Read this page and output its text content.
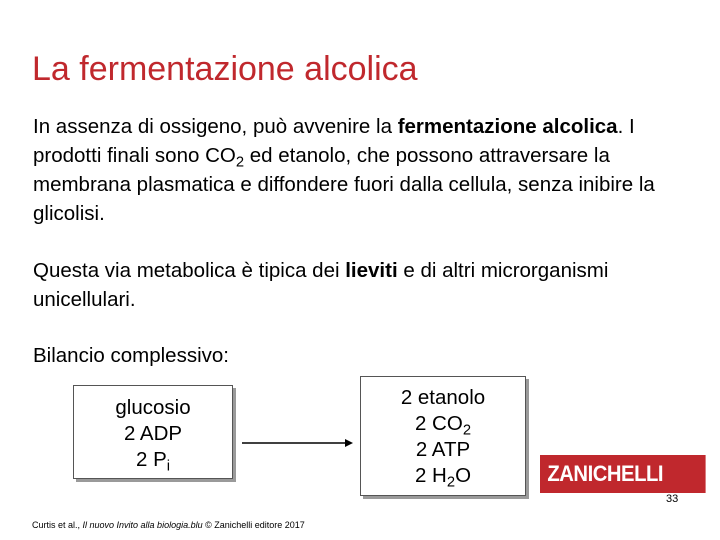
La fermentazione alcolica

In assenza di ossigeno, può avvenire la fermentazione alcolica. I prodotti finali sono $CO_2$ ed etanolo, che possono attraversare la membrana plasmatica e diffondere fuori dalla cellula, senza inibire la glicolisi.

Questa via metabolica è tipica dei lieviti e di altri microrganismi unicellulari.

Bilancio complessivo:

glucosio
2 ADP
2 $P_i$
2 etanolo
2 $CO_2$
2 ATP
2 $H_2O$	ZANICHELLI
33
Curtis et al., Il nuovo Invito alla biologia.blu © Zanichelli editore 2017
